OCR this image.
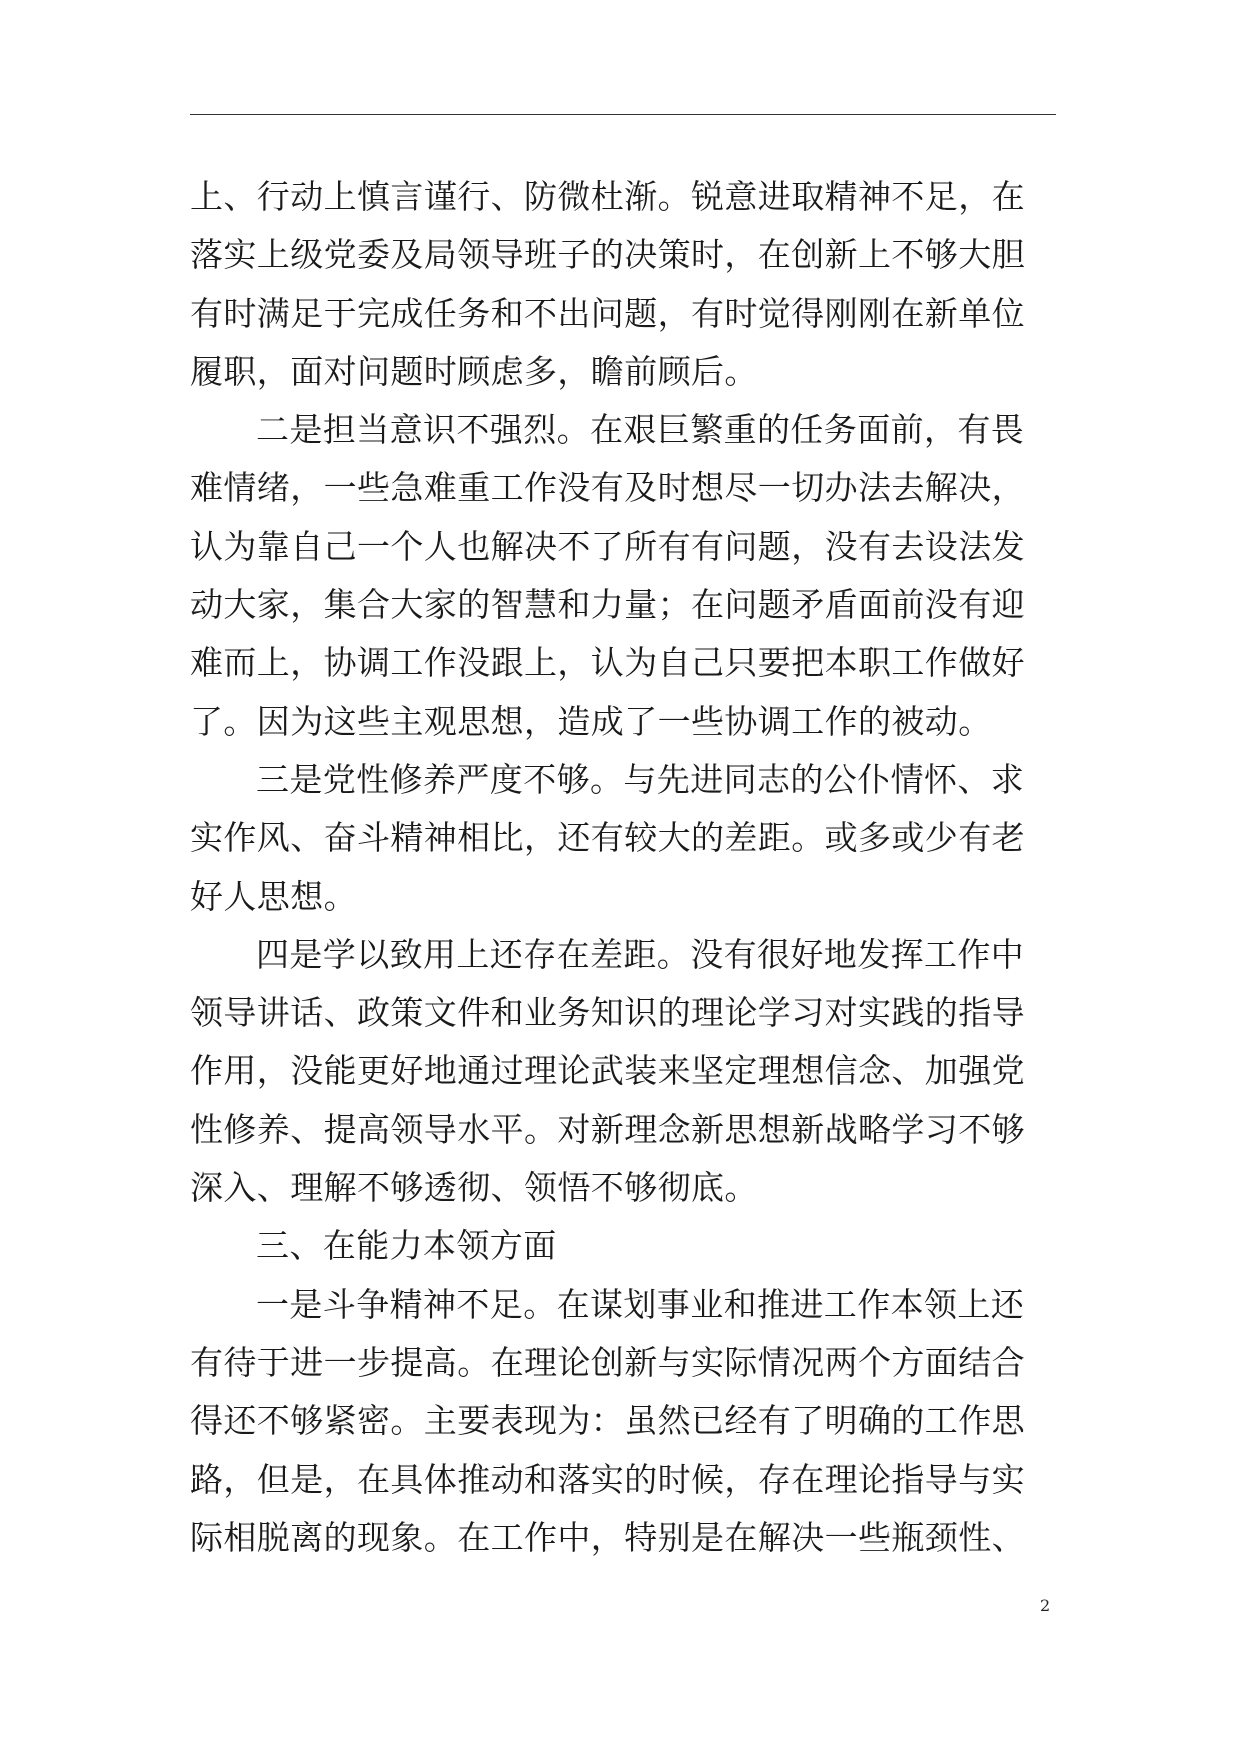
上、行动上慎言谨行、防微杜渐。锐意进取精神不足，在
落实上级党委及局领导班子的决策时，在创新上不够大胆
有时满足于完成任务和不出问题，有时觉得刚刚在新单位
履职，面对问题时顾虑多，瞻前顾后。
二是担当意识不强烈。在艰巨繁重的任务面前，有畏
难情绪，一些急难重工作没有及时想尽一切办法去解决，
认为靠自己一个人也解决不了所有有问题，没有去设法发
动大家，集合大家的智慧和力量；在问题矛盾面前没有迎
难而上，协调工作没跟上，认为自己只要把本职工作做好
了。因为这些主观思想，造成了一些协调工作的被动。
三是党性修养严度不够。与先进同志的公仆情怀、求
实作风、奋斗精神相比，还有较大的差距。或多或少有老
好人思想。
四是学以致用上还存在差距。没有很好地发挥工作中
领导讲话、政策文件和业务知识的理论学习对实践的指导
作用，没能更好地通过理论武装来坚定理想信念、加强党
性修养、提高领导水平。对新理念新思想新战略学习不够
深入、理解不够透彻、领悟不够彻底。
三、在能力本领方面
一是斗争精神不足。在谋划事业和推进工作本领上还
有待于进一步提高。在理论创新与实际情况两个方面结合
得还不够紧密。主要表现为：虽然已经有了明确的工作思
路，但是，在具体推动和落实的时候，存在理论指导与实
际相脱离的现象。在工作中，特别是在解决一些瓶颈性、
2
